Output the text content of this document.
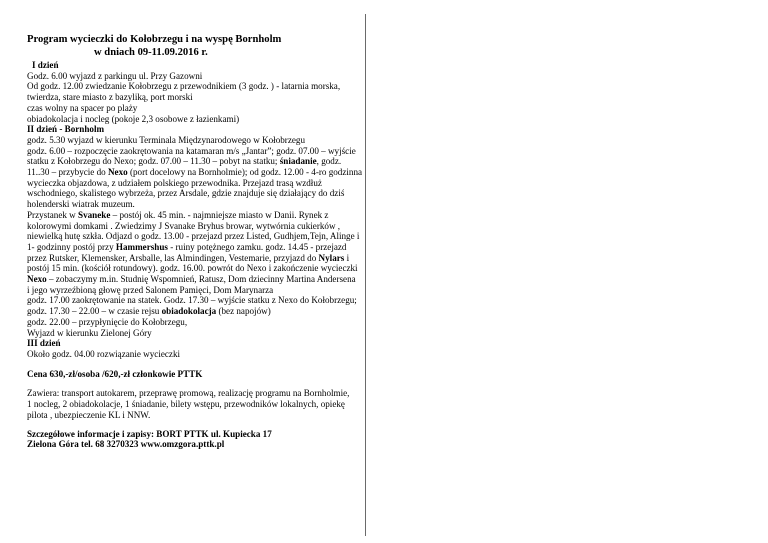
Program wycieczki do Kołobrzegu i na wyspę Bornholm
w dniach 09-11.09.2016 r.
I dzień
Godz. 6.00 wyjazd z parkingu ul. Przy Gazowni
Od godz. 12.00 zwiedzanie Kołobrzegu z przewodnikiem (3 godz. ) - latarnia morska,
twierdza, stare miasto z bazyliką, port morski
czas wolny na spacer po plaży
obiadokolacja i nocleg (pokoje 2,3 osobowe z łazienkami)
II dzień - Bornholm
godz. 5.30 wyjazd w kierunku Terminala Międzynarodowego w Kołobrzegu
godz. 6.00 – rozpoczęcie zaokrętowania na katamaran m/s „Jantar”; godz. 07.00 – wyjście
statku z Kołobrzegu do Nexo; godz. 07.00 – 11.30 – pobyt na statku; śniadanie, godz.
11..30 – przybycie do Nexo (port docelowy na Bornholmie); od godz. 12.00 - 4-ro godzinna
wycieczka objazdowa, z udziałem polskiego przewodnika. Przejazd trasą wzdłuż
wschodniego, skalistego wybrzeża, przez Arsdale, gdzie znajduje się działający do dziś
holenderski wiatrak muzeum.
Przystanek w Svaneke – postój ok. 45 min. - najmniejsze miasto w Danii. Rynek z
kolorowymi domkami . Zwiedzimy J Svanake Bryhus browar, wytwórnia cukierków ,
niewielką hutę szkła. Odjazd o godz. 13.00 - przejazd przez Listed, Gudhjem,Tejn, Alinge i
1- godzinny postój przy Hammershus - ruiny potężnego zamku. godz. 14.45 - przejazd
przez Rutsker, Klemensker, Arsballe, las Almindingen, Vestemarie, przyjazd do Nylars i
postój 15 min. (kościół rotundowy). godz. 16.00. powrót do Nexo i zakończenie wycieczki
Nexo – zobaczymy m.in. Studnię Wspomnień, Ratusz, Dom dziecinny Martina Andersena
i jego wyrzeźbioną głowę przed Salonem Pamięci, Dom Marynarza
godz. 17.00 zaokrętowanie na statek. Godz. 17.30 – wyjście statku z Nexo do Kołobrzegu;
godz. 17.30 – 22.00 – w czasie rejsu obiadokolacja (bez napojów)
godz. 22.00 – przypłynięcie do Kołobrzegu,
Wyjazd w kierunku Zielonej Góry
III dzień
Około godz. 04.00 rozwiązanie wycieczki
Cena 630,-zł/osoba /620,-zł członkowie PTTK
Zawiera: transport autokarem, przeprawę promową, realizację programu na Bornholmie,
1 nocleg, 2 obiadokolacje, 1 śniadanie, bilety wstępu, przewodników lokalnych, opiekę
pilota , ubezpieczenie KL i NNW.
Szczegółowe informacje i zapisy: BORT PTTK ul. Kupiecka 17
Zielona Góra tel. 68 3270323 www.omzgora.pttk.pl
